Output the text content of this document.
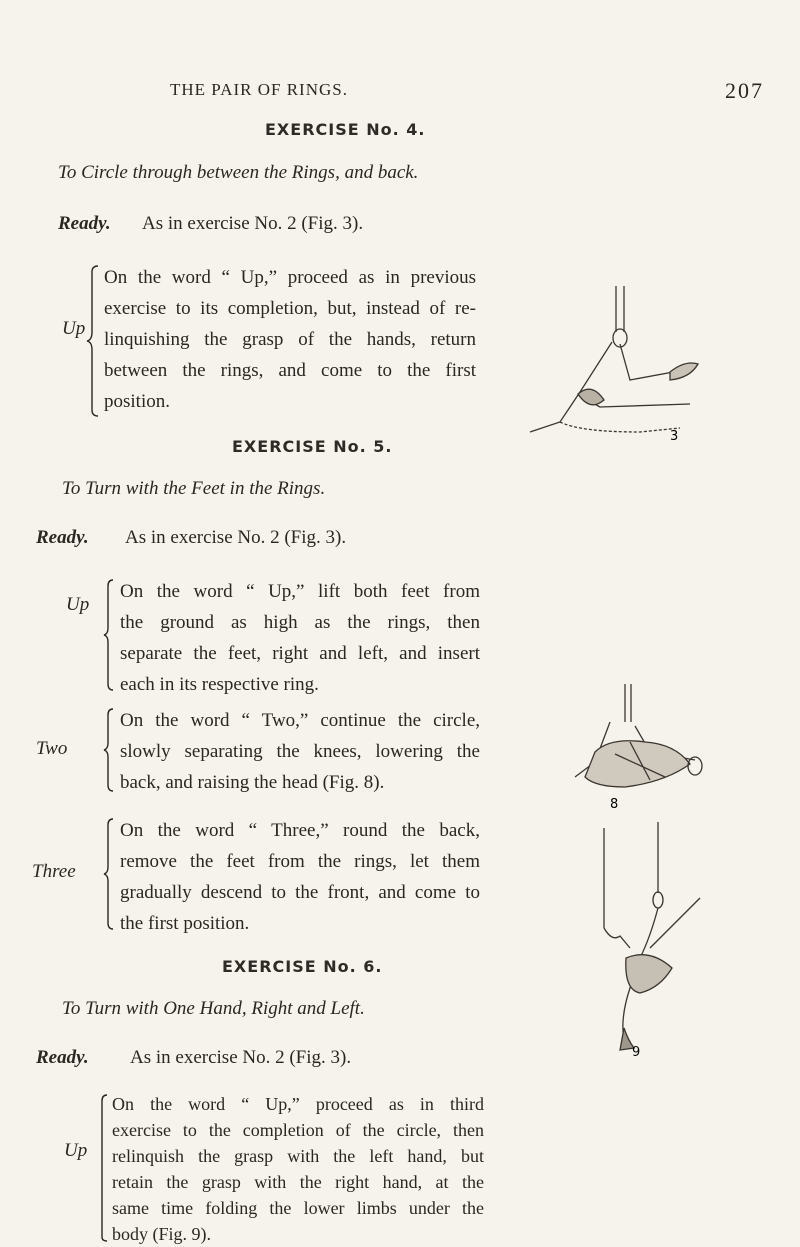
THE PAIR OF RINGS.	207
EXERCISE No. 4.
To Circle through between the Rings, and back.
Ready. As in exercise No. 2 (Fig. 3).
Up
On the word “ Up,” proceed as in previous
exercise to its completion, but, instead of re-
linquishing the grasp of the hands, return
between the rings, and come to the first
position.
EXERCISE No. 5.
To Turn with the Feet in the Rings.
Ready. As in exercise No. 2 (Fig. 3).
Up
On the word “ Up,” lift both feet from
the ground as high as the rings, then
separate the feet, right and left, and insert
each in its respective ring.
Two
On the word “ Two,” continue the circle,
slowly separating the knees, lowering the
back, and raising the head (Fig. 8).
Three
On the word “ Three,” round the back,
remove the feet from the rings, let them
gradually descend to the front, and come to
the first position.
EXERCISE No. 6.
To Turn with One Hand, Right and Left.
Ready. As in exercise No. 2 (Fig. 3).
Up
On the word “ Up,” proceed as in third
exercise to the completion of the circle, then
relinquish the grasp with the left hand, but
retain the grasp with the right hand, at the
same time folding the lower limbs under the
body (Fig. 9).
3
8
9
